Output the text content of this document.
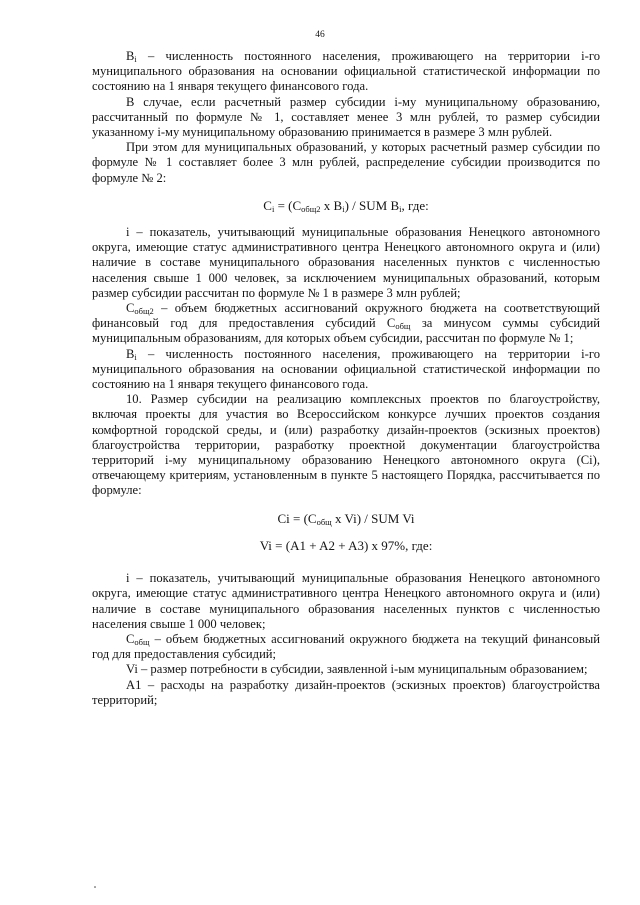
46

$B_i$ – численность постоянного населения, проживающего на территории i-го муниципального образования на основании официальной статистической информации по состоянию на 1 января текущего финансового года.

В случае, если расчетный размер субсидии i-му муниципальному образованию, рассчитанный по формуле № 1, составляет менее 3 млн рублей, то размер субсидии указанному i-му муниципальному образованию принимается в размере 3 млн рублей.

При этом для муниципальных образований, у которых расчетный размер субсидии по формуле № 1 составляет более 3 млн рублей, распределение субсидии производится по формуле № 2:

$C_i = (C_{общ2}$ x $B_i$) / SUM $B_i$, где:

i – показатель, учитывающий муниципальные образования Ненецкого автономного округа, имеющие статус административного центра Ненецкого автономного округа и (или) наличие в составе муниципального образования населенных пунктов с численностью населения свыше 1 000 человек, за исключением муниципальных образований, которым размер субсидии рассчитан по формуле № 1 в размере 3 млн рублей;

$C_{общ2}$ – объем бюджетных ассигнований окружного бюджета на соответствующий финансовый год для предоставления субсидий $C_{общ}$ за минусом суммы субсидий муниципальным образованиям, для которых объем субсидии, рассчитан по формуле № 1;

$B_i$ – численность постоянного населения, проживающего на территории i-го муниципального образования на основании официальной статистической информации по состоянию на 1 января текущего финансового года.

10. Размер субсидии на реализацию комплексных проектов по благоустройству, включая проекты для участия во Всероссийском конкурсе лучших проектов создания комфортной городской среды, и (или) разработку дизайн-проектов (эскизных проектов) благоустройства территории, разработку проектной документации благоустройства территорий i-му муниципальному образованию Ненецкого автономного округа (Ci), отвечающему критериям, установленным в пункте 5 настоящего Порядка, рассчитывается по формуле:

$Ci = (C_{общ}$ x Vi) / SUM Vi

Vi = (A1 + A2 + A3) x 97%, где:

i – показатель, учитывающий муниципальные образования Ненецкого автономного округа, имеющие статус административного центра Ненецкого автономного округа и (или) наличие в составе муниципального образования населенных пунктов с численностью населения свыше 1 000 человек;

$C_{общ}$ – объем бюджетных ассигнований окружного бюджета на текущий финансовый год для предоставления субсидий;

Vi – размер потребности в субсидии, заявленной i-ым муниципальным образованием;

A1 – расходы на разработку дизайн-проектов (эскизных проектов) благоустройства территорий;
